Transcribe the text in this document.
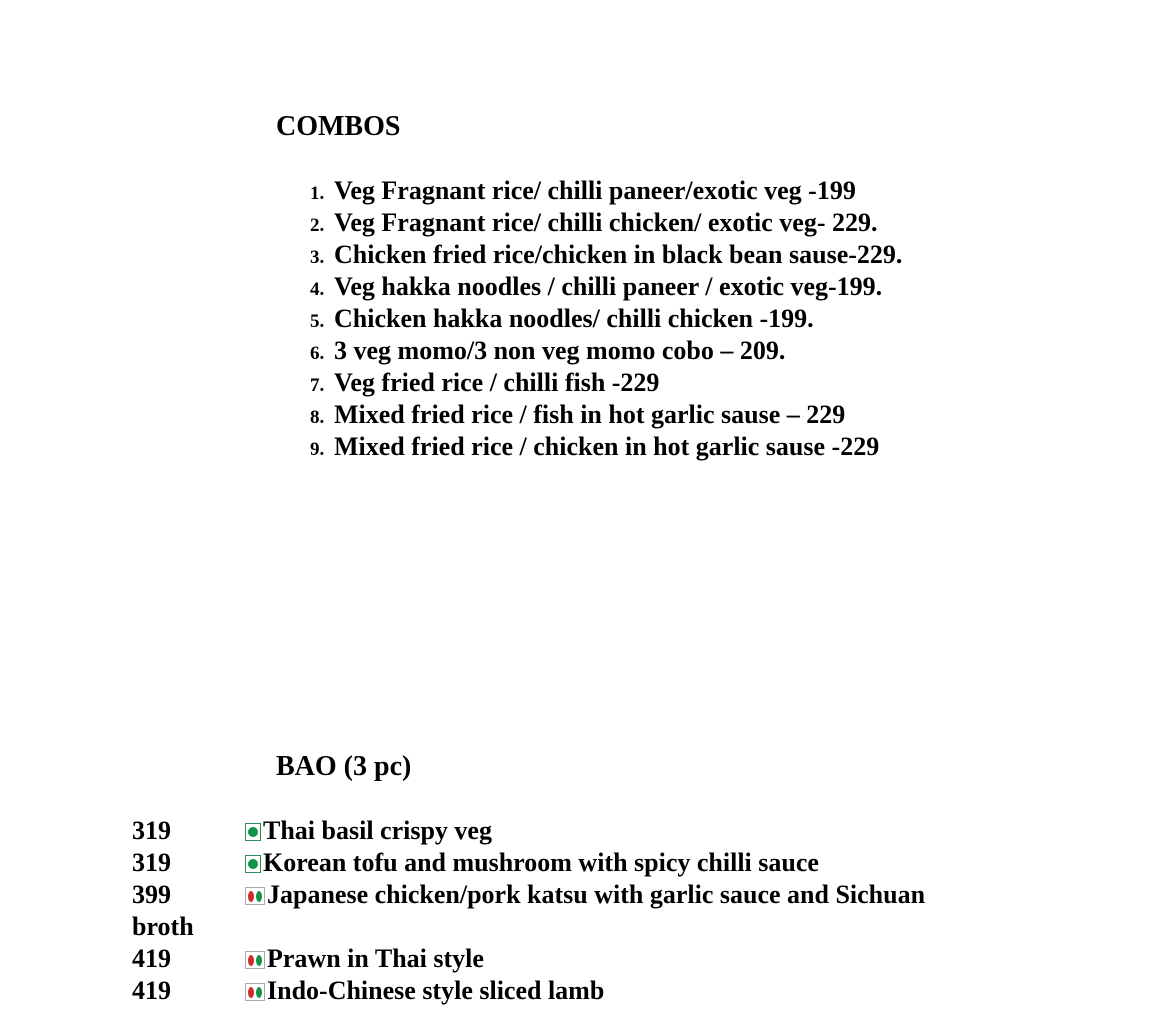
COMBOS
1. Veg Fragnant rice/ chilli paneer/exotic veg -199
2. Veg Fragnant rice/ chilli chicken/ exotic veg- 229.
3. Chicken fried rice/chicken in black bean sause-229.
4. Veg hakka noodles / chilli paneer / exotic veg-199.
5. Chicken hakka noodles/ chilli chicken -199.
6. 3 veg momo/3 non veg momo cobo – 209.
7. Veg fried rice / chilli fish -229
8. Mixed fried rice / fish in hot garlic sause – 229
9. Mixed fried rice / chicken in hot garlic sause -229
BAO (3 pc)
319	Thai basil crispy veg
319	Korean tofu and mushroom with spicy chilli sauce
399	Japanese chicken/pork katsu with garlic sauce and Sichuan
broth
419	Prawn in Thai style
419	Indo-Chinese style sliced lamb
